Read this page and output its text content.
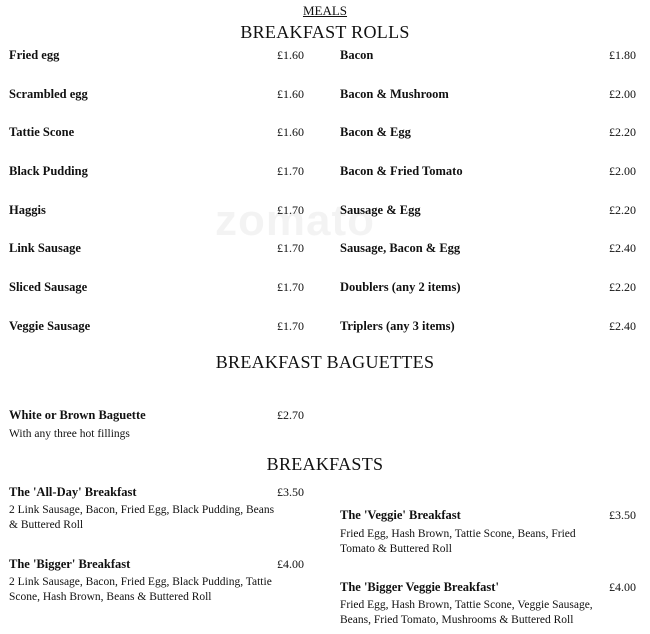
MEALS
BREAKFAST ROLLS
Fried egg	£1.60
Scrambled egg	£1.60
Tattie Scone	£1.60
Black Pudding	£1.70
Haggis	£1.70
Link Sausage	£1.70
Sliced Sausage	£1.70
Veggie Sausage	£1.70
Bacon	£1.80
Bacon & Mushroom	£2.00
Bacon & Egg	£2.20
Bacon & Fried Tomato	£2.00
Sausage & Egg	£2.20
Sausage, Bacon & Egg	£2.40
Doublers (any 2 items)	£2.20
Triplers (any 3 items)	£2.40
BREAKFAST BAGUETTES
White or Brown Baguette	£2.70
With any three hot fillings
BREAKFASTS
The 'All-Day' Breakfast	£3.50
2 Link Sausage, Bacon, Fried Egg, Black Pudding, Beans & Buttered Roll
The 'Bigger' Breakfast	£4.00
2 Link Sausage, Bacon, Fried Egg, Black Pudding, Tattie Scone, Hash Brown, Beans & Buttered Roll
The 'Veggie' Breakfast	£3.50
Fried Egg, Hash Brown, Tattie Scone, Beans, Fried Tomato & Buttered Roll
The 'Bigger Veggie Breakfast'	£4.00
Fried Egg, Hash Brown, Tattie Scone, Veggie Sausage, Beans, Fried Tomato, Mushrooms & Buttered Roll
